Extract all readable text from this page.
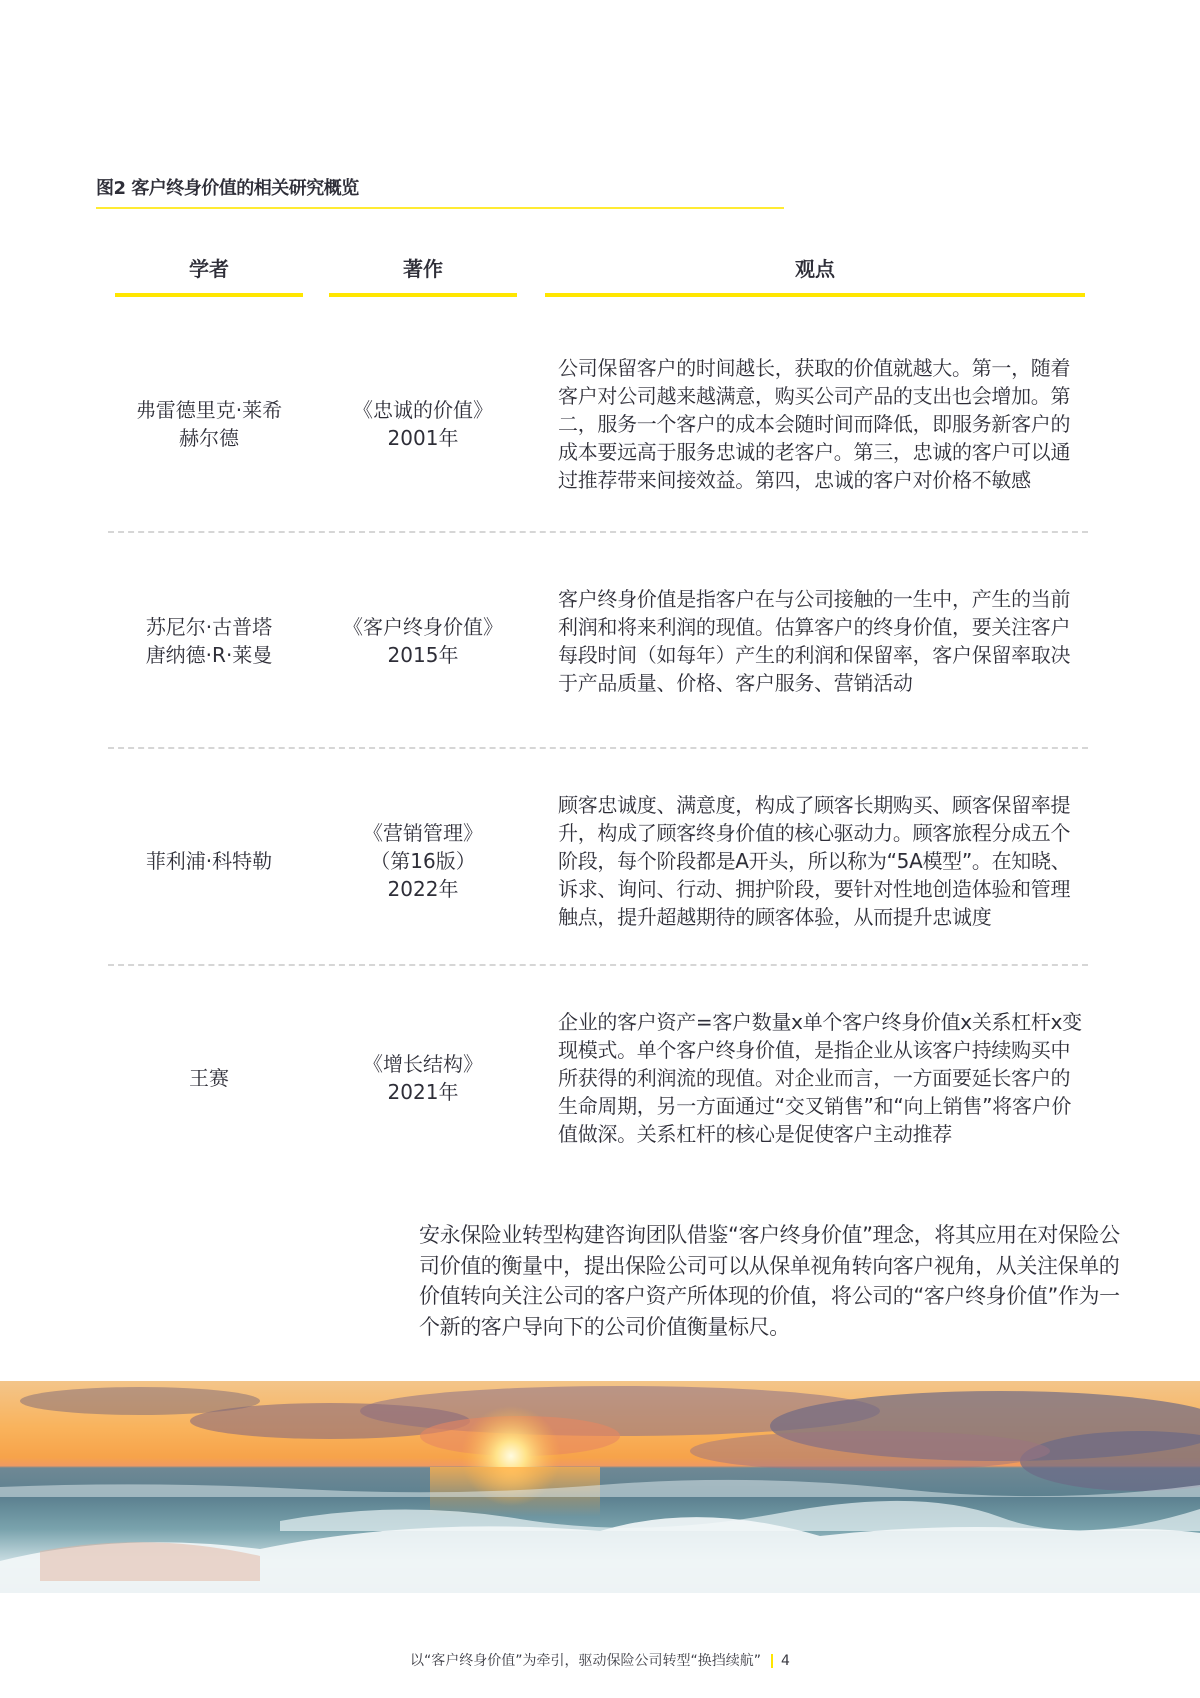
图2 客户终身价值的相关研究概览
学者	著作	观点
弗雷德里克·莱希
赫尔德
《忠诚的价值》
2001年
公司保留客户的时间越长，获取的价值就越大。第一，随着客户对公司越来越满意，购买公司产品的支出也会增加。第二，服务一个客户的成本会随时间而降低，即服务新客户的成本要远高于服务忠诚的老客户。第三，忠诚的客户可以通过推荐带来间接效益。第四，忠诚的客户对价格不敏感
苏尼尔·古普塔
唐纳德·R·莱曼
《客户终身价值》
2015年
客户终身价值是指客户在与公司接触的一生中，产生的当前利润和将来利润的现值。估算客户的终身价值，要关注客户每段时间（如每年）产生的利润和保留率，客户保留率取决于产品质量、价格、客户服务、营销活动
菲利浦·科特勒
《营销管理》
（第16版）
2022年
顾客忠诚度、满意度，构成了顾客长期购买、顾客保留率提升，构成了顾客终身价值的核心驱动力。顾客旅程分成五个阶段，每个阶段都是A开头，所以称为“5A模型”。在知晓、诉求、询问、行动、拥护阶段，要针对性地创造体验和管理触点，提升超越期待的顾客体验，从而提升忠诚度
王赛
《增长结构》
2021年
企业的客户资产=客户数量x单个客户终身价值x关系杠杆x变现模式。单个客户终身价值，是指企业从该客户持续购买中所获得的利润流的现值。对企业而言，一方面要延长客户的生命周期，另一方面通过“交叉销售”和“向上销售”将客户价值做深。关系杠杆的核心是促使客户主动推荐
安永保险业转型构建咨询团队借鉴“客户终身价值”理念，将其应用在对保险公司价值的衡量中，提出保险公司可以从保单视角转向客户视角，从关注保单的价值转向关注公司的客户资产所体现的价值，将公司的“客户终身价值”作为一个新的客户导向下的公司价值衡量标尺。
以“客户终身价值”为牵引，驱动保险公司转型“换挡续航” 4
